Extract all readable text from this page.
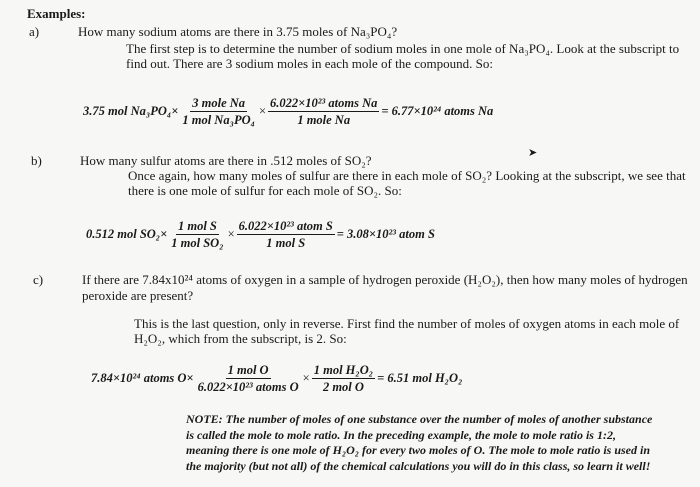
Examples:
a)	How many sodium atoms are there in 3.75 moles of Na₃PO₄?
The first step is to determine the number of sodium moles in one mole of Na₃PO₄. Look at the subscript to
find out. There are 3 sodium moles in each mole of the compound. So:
3.75 mol $Na_3PO_4\times \frac{\text{3 mole Na}}{\text{1 mol Na₃PO₄}} \times \frac{\text{6.022×10²³ atoms Na}}{\text{1 mole Na}} = 6.77\times 10^{24}$ atoms Na
b)	How many sulfur atoms are there in .512 moles of SO₂?
Once again, how many moles of sulfur are there in each mole of SO₂? Looking at the subscript, we see that
there is one mole of sulfur for each mole of SO₂. So:
➤
0.512 mol $SO_2\times \frac{\text{1 mol S}}{\text{1 mol SO₂}} \times \frac{\text{6.022×10²³ atom S}}{\text{1 mol S}} = 3.08\times 10^{23}$ atom S
c)	If there are 7.84x10²⁴ atoms of oxygen in a sample of hydrogen peroxide (H₂O₂), then how many moles of hydrogen
peroxide are present?
This is the last question, only in reverse. First find the number of moles of oxygen atoms in each mole of
H₂O₂, which from the subscript, is 2. So:
7.84×10²⁴ atoms $O\times \frac{\text{1 mol O}}{\text{6.022×10²³ atoms O}} \times \frac{\text{1 mol H₂O₂}}{\text{2 mol O}} = 6.51$ mol H₂O₂
NOTE: The number of moles of one substance over the number of moles of another substance
is called the mole to mole ratio. In the preceding example, the mole to mole ratio is 1:2,
meaning there is one mole of H₂O₂ for every two moles of O. The mole to mole ratio is used in
the majority (but not all) of the chemical calculations you will do in this class, so learn it well!
